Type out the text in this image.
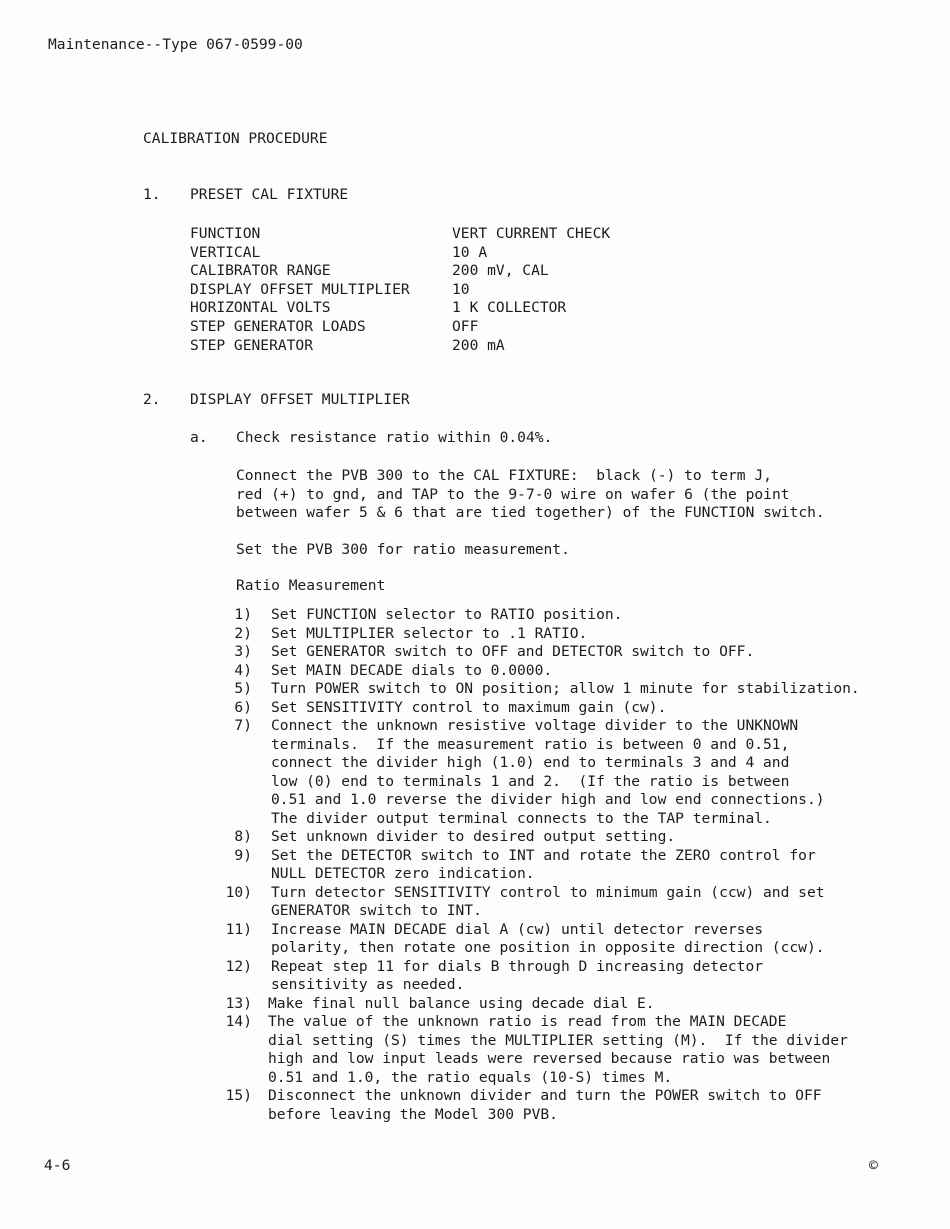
Maintenance--Type 067-0599-00
CALIBRATION PROCEDURE
1. PRESET CAL FIXTURE
FUNCTION	VERT CURRENT CHECK
VERTICAL	10 A
CALIBRATOR RANGE	200 mV, CAL
DISPLAY OFFSET MULTIPLIER	10
HORIZONTAL VOLTS	1 K COLLECTOR
STEP GENERATOR LOADS	OFF
STEP GENERATOR	200 mA
2. DISPLAY OFFSET MULTIPLIER
a. Check resistance ratio within 0.04%.
Connect the PVB 300 to the CAL FIXTURE:  black (-) to term J,
red (+) to gnd, and TAP to the 9-7-0 wire on wafer 6 (the point
between wafer 5 & 6 that are tied together) of the FUNCTION switch.
Set the PVB 300 for ratio measurement.
Ratio Measurement
1) Set FUNCTION selector to RATIO position.
2) Set MULTIPLIER selector to .1 RATIO.
3) Set GENERATOR switch to OFF and DETECTOR switch to OFF.
4) Set MAIN DECADE dials to 0.0000.
5) Turn POWER switch to ON position; allow 1 minute for stabilization.
6) Set SENSITIVITY control to maximum gain (cw).
7) Connect the unknown resistive voltage divider to the UNKNOWN
terminals.  If the measurement ratio is between 0 and 0.51,
connect the divider high (1.0) end to terminals 3 and 4 and
low (0) end to terminals 1 and 2.  (If the ratio is between
0.51 and 1.0 reverse the divider high and low end connections.)
The divider output terminal connects to the TAP terminal.
8) Set unknown divider to desired output setting.
9) Set the DETECTOR switch to INT and rotate the ZERO control for
NULL DETECTOR zero indication.
10) Turn detector SENSITIVITY control to minimum gain (ccw) and set
GENERATOR switch to INT.
11) Increase MAIN DECADE dial A (cw) until detector reverses
polarity, then rotate one position in opposite direction (ccw).
12) Repeat step 11 for dials B through D increasing detector
sensitivity as needed.
13) Make final null balance using decade dial E.
14) The value of the unknown ratio is read from the MAIN DECADE
dial setting (S) times the MULTIPLIER setting (M).  If the divider
high and low input leads were reversed because ratio was between
0.51 and 1.0, the ratio equals (10-S) times M.
15) Disconnect the unknown divider and turn the POWER switch to OFF
before leaving the Model 300 PVB.
4-6	©
